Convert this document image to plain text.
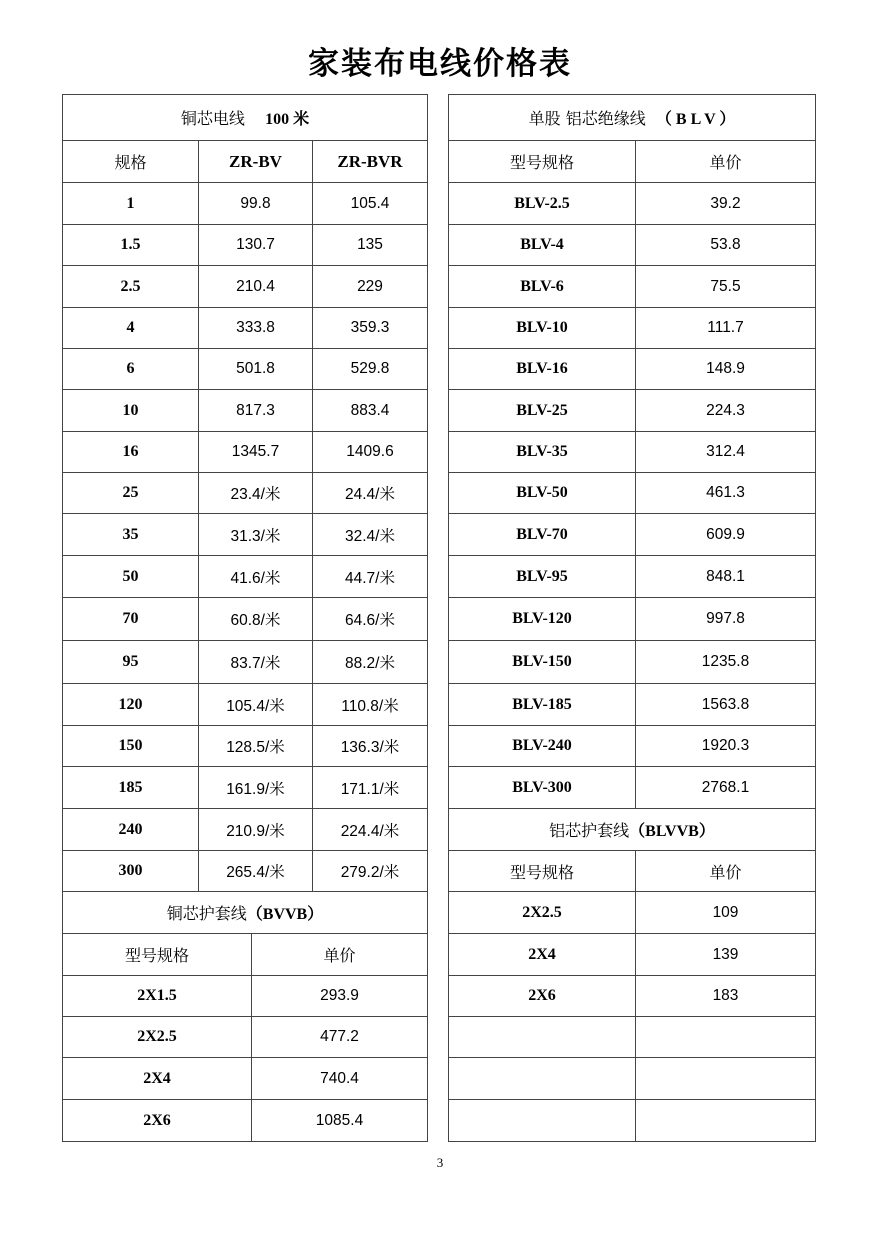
家装布电线价格表
铜芯电线 100 米			
规格	ZR-BV		ZR-BVR
1	99.8		105.4
1.5	130.7		135
2.5	210.4		229
4	333.8		359.3
6	501.8		529.8
10	817.3		883.4
16	1345.7		1409.6
25	23.4/米		24.4/米
35	31.3/米		32.4/米
50	41.6/米		44.7/米
70	60.8/米		64.6/米
95	83.7/米		88.2/米
120	105.4/米		110.8/米
150	128.5/米		136.3/米
185	161.9/米		171.1/米
240	210.9/米		224.4/米
300	265.4/米		279.2/米
铜芯护套线（BVVB）			
型号规格		单价	
2X1.5		293.9	
2X2.5		477.2	
2X4		740.4	
2X6		1085.4	
单股 铝芯绝缘线 （ B L V ）	
型号规格	单价
BLV-2.5	39.2
BLV-4	53.8
BLV-6	75.5
BLV-10	111.7
BLV-16	148.9
BLV-25	224.3
BLV-35	312.4
BLV-50	461.3
BLV-70	609.9
BLV-95	848.1
BLV-120	997.8
BLV-150	1235.8
BLV-185	1563.8
BLV-240	1920.3
BLV-300	2768.1
铝芯护套线（BLVVB）	
型号规格	单价
2X2.5	109
2X4	139
2X6	183

3
